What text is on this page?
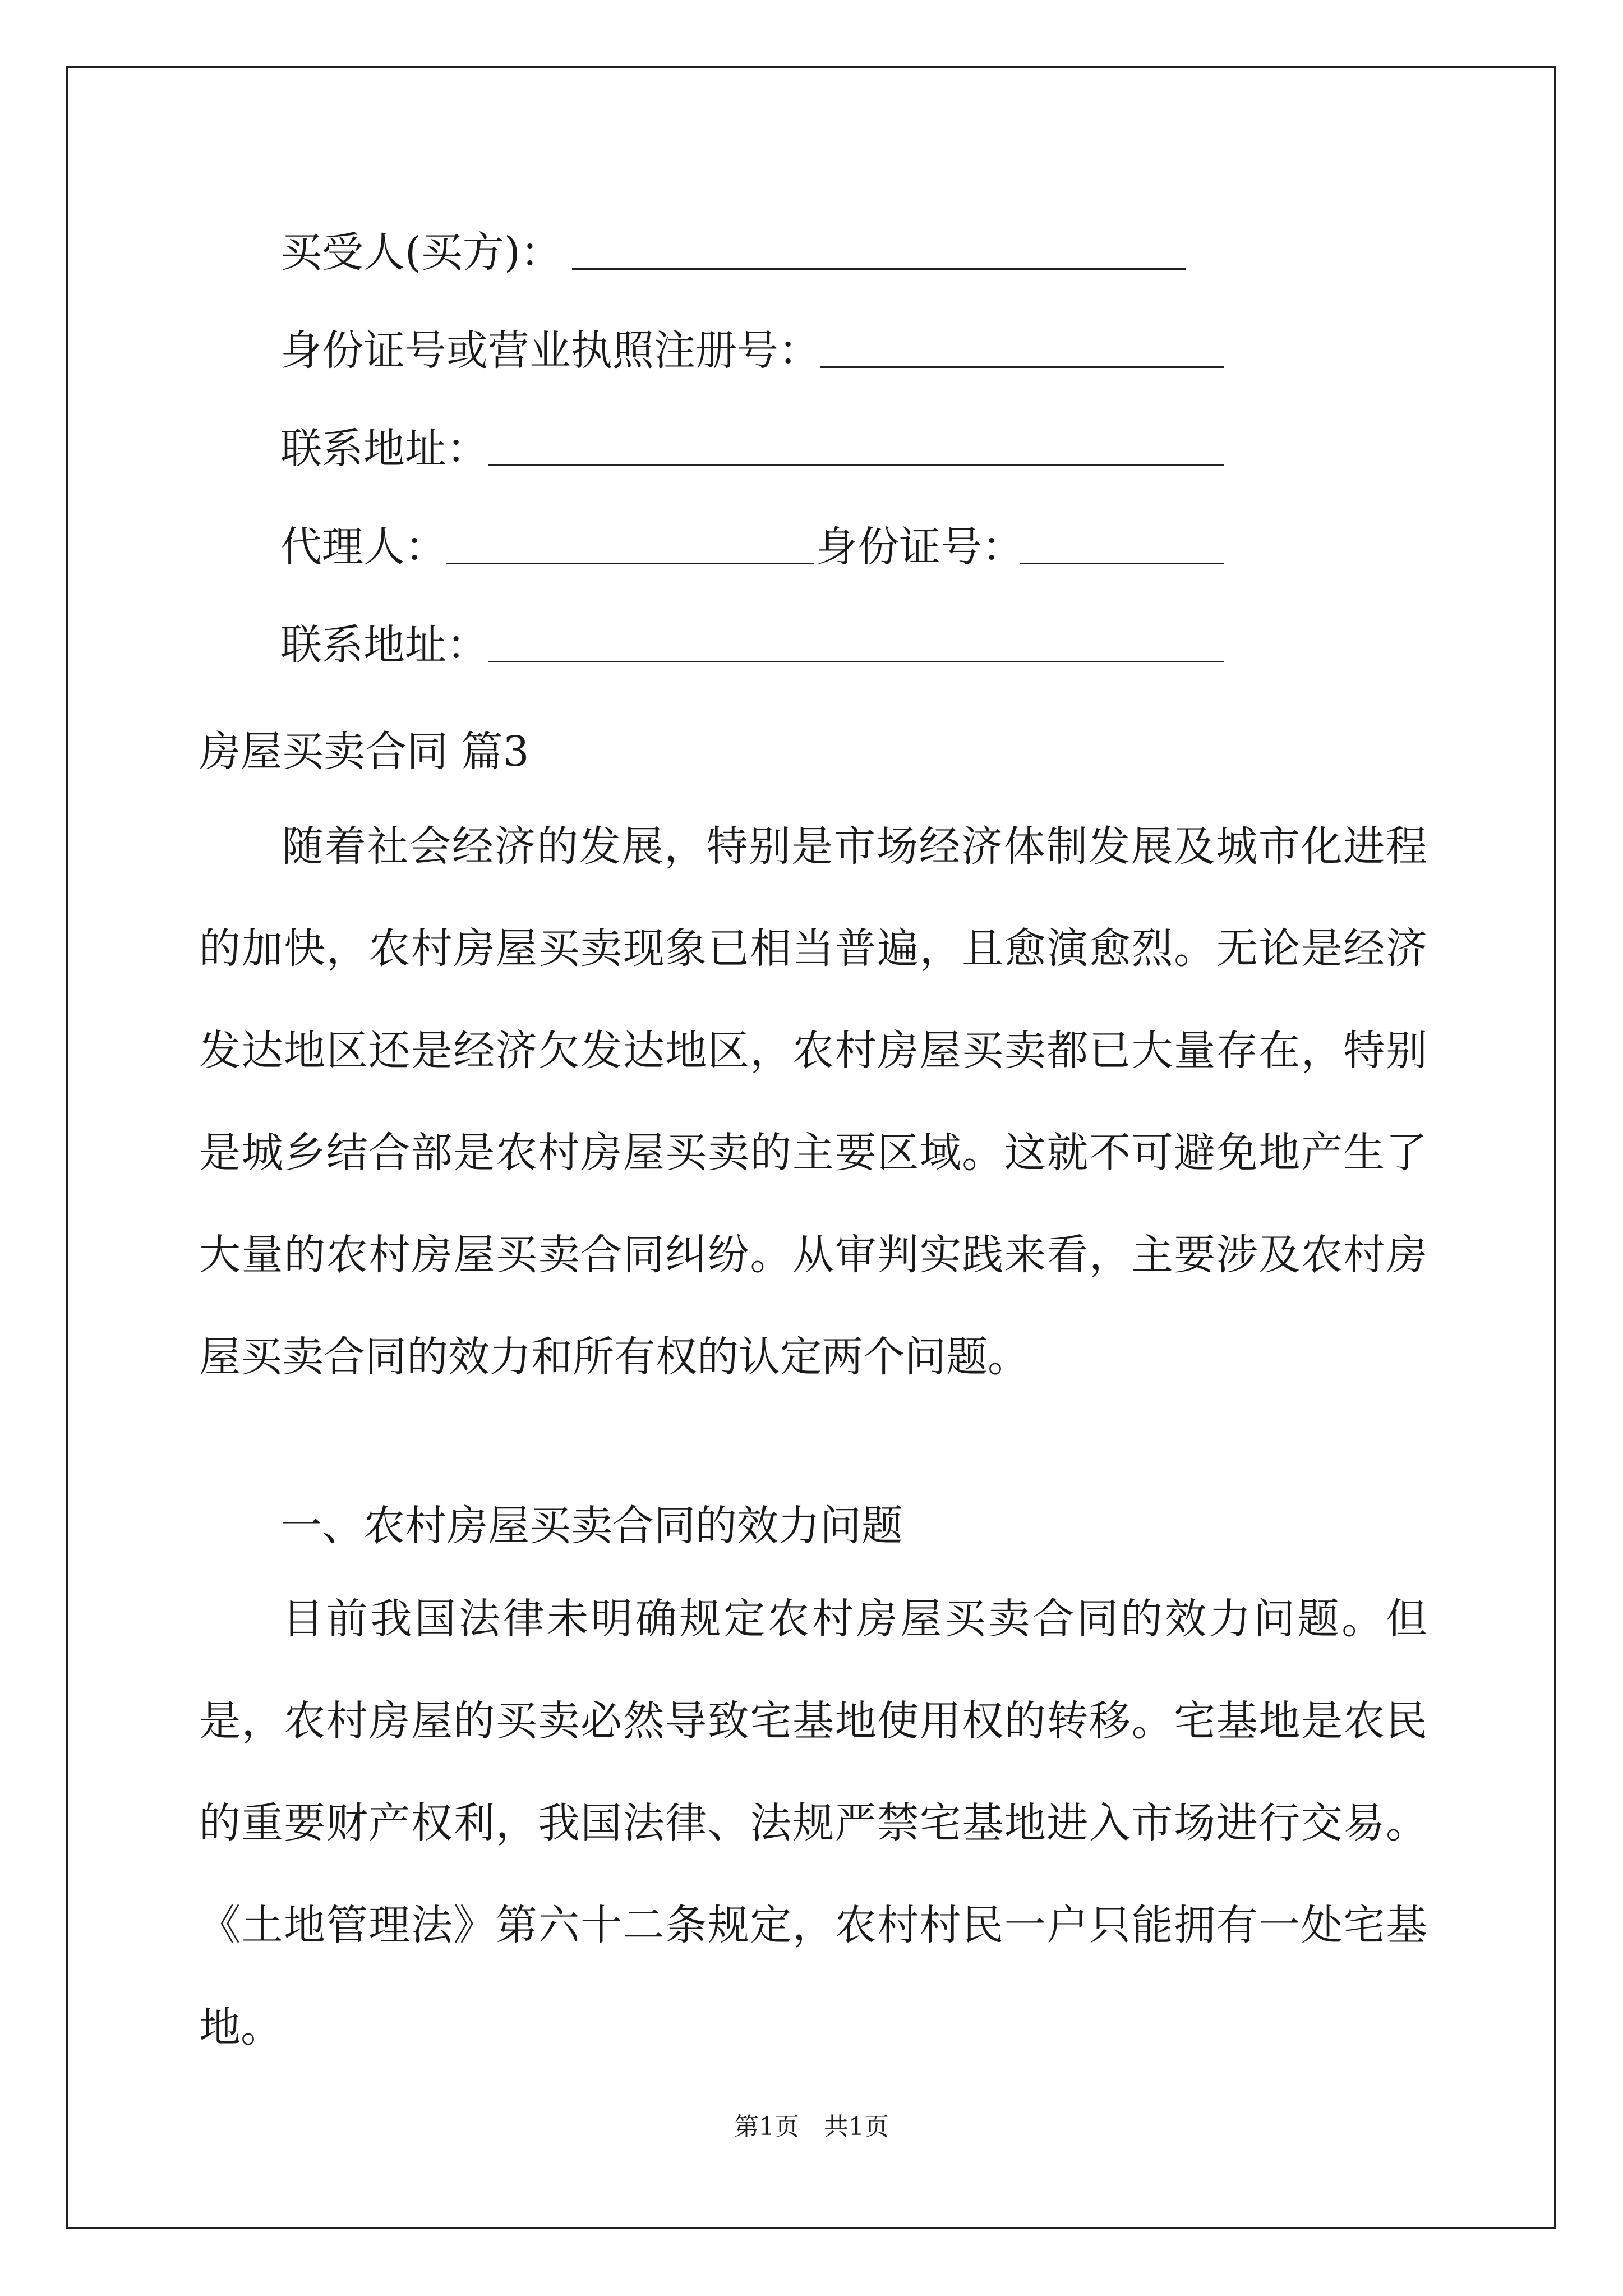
买受人(买方)：
身份证号或营业执照注册号：
联系地址：
代理人：	身份证号：
联系地址：
房屋买卖合同 篇3
随着社会经济的发展，特别是市场经济体制发展及城市化进程的加快，农村房屋买卖现象已相当普遍，且愈演愈烈。无论是经济发达地区还是经济欠发达地区，农村房屋买卖都已大量存在，特别是城乡结合部是农村房屋买卖的主要区域。这就不可避免地产生了大量的农村房屋买卖合同纠纷。从审判实践来看，主要涉及农村房屋买卖合同的效力和所有权的认定两个问题。
一、农村房屋买卖合同的效力问题
目前我国法律未明确规定农村房屋买卖合同的效力问题。但是，农村房屋的买卖必然导致宅基地使用权的转移。宅基地是农民的重要财产权利，我国法律、法规严禁宅基地进入市场进行交易。《土地管理法》第六十二条规定，农村村民一户只能拥有一处宅基地。
第1页　共1页
